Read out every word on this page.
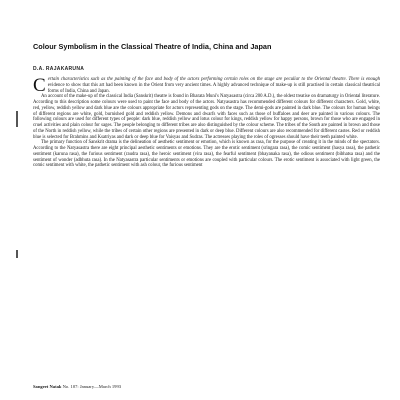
Colour Symbolism in the Classical Theatre of India, China and Japan

D.A. RAJAKARUNA

Certain characteristics such as the painting of the face and body of the actors performing certain roles on the stage are peculiar to the Oriental theatre. There is enough evidence to show that this art had been known in the Orient from very ancient times. A highly advanced technique of make-up is still practised in certain classical theatrical forms of India, China and Japan.

An account of the make-up of the classical India (Sanskrit) theatre is found in Bharata Muni's Natyasastra (circa 200 A.D.), the oldest treatise on dramaturgy in Oriental literature. According to this description some colours were used to paint the face and body of the actors. Natyasastra has recommended different colours for different characters. Gold, white, red, yellow, reddish yellow and dark blue are the colours appropriate for actors representing gods on the stage. The demi-gods are painted in dark blue. The colours for human beings of different regions are white, gold, burnished gold and reddish yellow. Demons and dwarfs with faces such as those of buffaloes and deer are painted in various colours. The following colours are used for different types of people: dark blue, reddish yellow and lotus colour for kings, reddish yellow for happy persons, brown for those who are engaged in cruel activities and plain colour for sages. The people belonging to different tribes are also distinguished by the colour scheme. The tribes of the South are painted in brown and those of the North in reddish yellow, while the tribes of certain other regions are presented in dark or deep blue. Different colours are also recommended for different castes. Red or reddish blue is selected for Brahmins and Ksatriyas and dark or deep blue for Vaisyas and Sudras. The actresses playing the roles of ogresses should have their teeth painted white.

The primary function of Sanskrit drama is the delineation of aesthetic sentiment or emotion, which is known as rasa, for the purpose of creating it in the minds of the spectators. According to the Natyasastra there are eight principal aesthetic sentiments or emotions. They are the erotic sentiment (sringara rasa), the comic sentiment (hasya rasa), the pathetic sentiment (karuna rasa), the furious sentiment (raudra rasa), the heroic sentiment (vira rasa), the fearful sentiment (bhayanaka rasa), the odious sentiment (bibhatsa rasa) and the sentiment of wonder (adbhuta rasa). In the Natyasastra particular sentiments or emotions are coupled with particular colours. The erotic sentiment is associated with light green, the comic sentiment with white, the pathetic sentiment with ash colour, the furious sentiment

Sangeet Natak No. 107: January—March 1993
